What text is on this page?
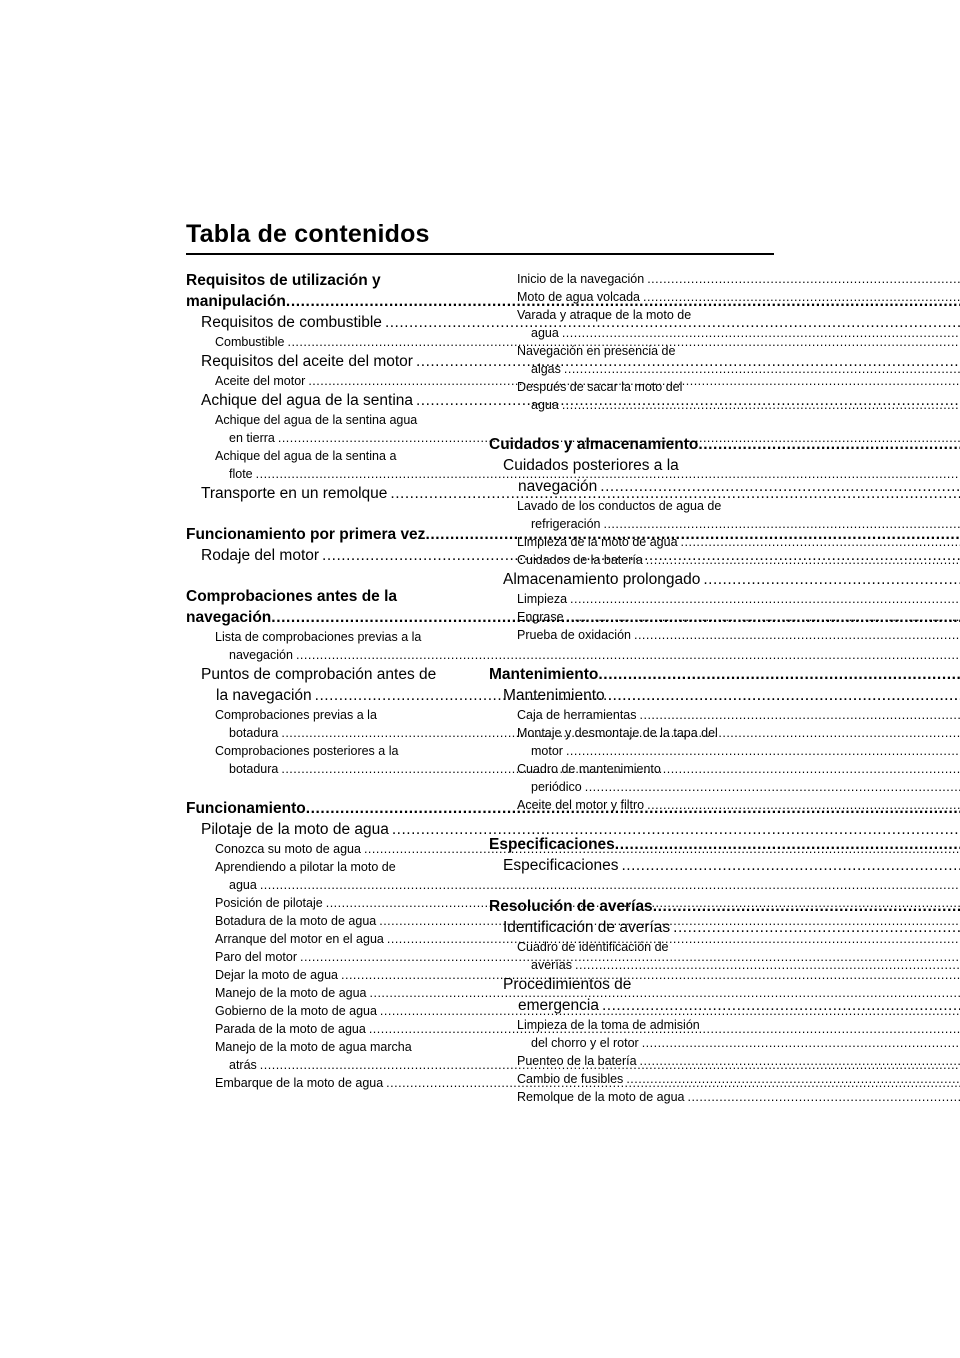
Tabla de contenidos
Requisitos de utilización y
manipulación.....
Requisitos de combustible.....
Combustible.....
Requisitos del aceite del motor.....
Aceite del motor.....
Achique del agua de la sentina.....
Achique del agua de la sentina agua
en tierra.....
Achique del agua de la sentina a
flote.....
Transporte en un remolque.....
Funcionamiento por primera vez.....
Rodaje del motor.....
Comprobaciones antes de la
navegación.....
Lista de comprobaciones previas a la
navegación.....
Puntos de comprobación antes de
la navegación.....
Comprobaciones previas a la
botadura.....
Comprobaciones posteriores a la
botadura.....
Funcionamiento.....
Pilotaje de la moto de agua.....
Conozca su moto de agua.....
Aprendiendo a pilotar la moto de
agua.....
Posición de pilotaje.....
Botadura de la moto de agua.....
Arranque del motor en el agua.....
Paro del motor.....
Dejar la moto de agua.....
Manejo de la moto de agua.....
Gobierno de la moto de agua.....
Parada de la moto de agua.....
Manejo de la moto de agua marcha
atrás.....
Embarque de la moto de agua.....
Inicio de la navegación.....
Moto de agua volcada.....
Varada y atraque de la moto de
agua.....
Navegación en presencia de
algas.....
Después de sacar la moto del
agua.....
Cuidados y almacenamiento.....
Cuidados posteriores a la
navegación.....
Lavado de los conductos de agua de
refrigeración.....
Limpieza de la moto de agua.....
Cuidados de la batería.....
Almacenamiento prolongado.....
Limpieza.....
Engrase.....
Prueba de oxidación.....
Mantenimiento.....
Mantenimiento.....
Caja de herramientas.....
Montaje y desmontaje de la tapa del
motor.....
Cuadro de mantenimiento
periódico.....
Aceite del motor y filtro.....
Especificaciones.....
Especificaciones.....
Resolución de averías.....
Identificación de averías.....
Cuadro de identificación de
averías.....
Procedimientos de
emergencia.....
Limpieza de la toma de admisión
del chorro y el rotor.....
Puenteo de la batería.....
Cambio de fusibles.....
Remolque de la moto de agua.....
